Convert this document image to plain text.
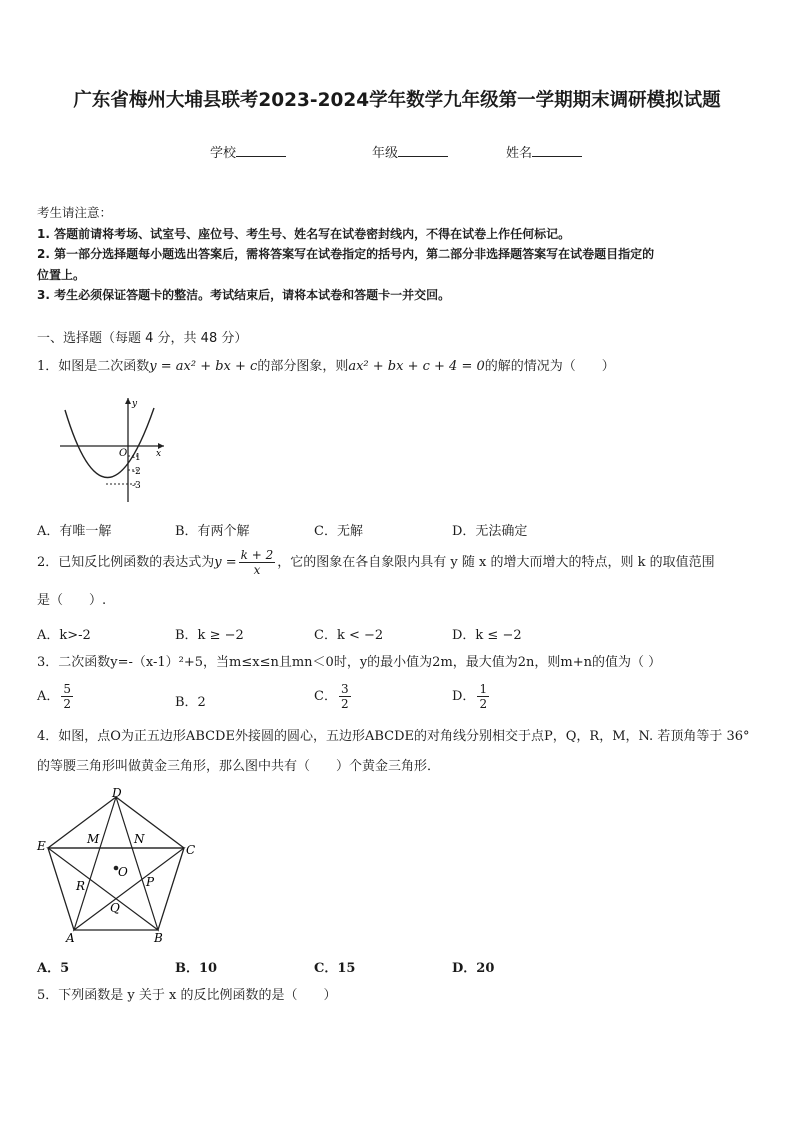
广东省梅州大埔县联考2023-2024学年数学九年级第一学期期末调研模拟试题
学校	年级	姓名
考生请注意：
1. 答题前请将考场、试室号、座位号、考生号、姓名写在试卷密封线内，不得在试卷上作任何标记。
2. 第一部分选择题每小题选出答案后，需将答案写在试卷指定的括号内，第二部分非选择题答案写在试卷题目指定的
位置上。
3. 考生必须保证答题卡的整洁。考试结束后，请将本试卷和答题卡一并交回。
一、选择题（每题 4 分，共 48 分）
1．如图是二次函数y = ax² + bx + c的部分图象，则ax² + bx + c + 4 = 0的解的情况为（　　）
y
O	x
-1
-2
-3
A．有唯一解	B．有两个解	C．无解	D．无法确定
2．已知反比例函数的表达式为$y = \frac{k + 2}{x}$ ，它的图象在各自象限内具有 y 随 x 的增大而增大的特点，则 k 的取值范围
是（　　）.
A．k>-2	B．k ≥ −2	C．k < −2	D．k ≤ −2
3．二次函数y=-（x-1）²+5，当m≤x≤n且mn＜0时，y的最小值为2m，最大值为2n，则m+n的值为（ ）
A． $\frac{5}{2}$	B．2	C． $\frac{3}{2}$	D． $\frac{1}{2}$
4．如图，点O为正五边形ABCDE外接圆的圆心，五边形ABCDE的对角线分别相交于点P，Q，R，M，N. 若顶角等于 36°
的等腰三角形叫做黄金三角形，那么图中共有（　　）个黄金三角形．
D
E	C
M	N
O
R	P
Q
A	B
A．5	B．10	C．15	D．20
5．下列函数是 y 关于 x 的反比例函数的是（　　）
